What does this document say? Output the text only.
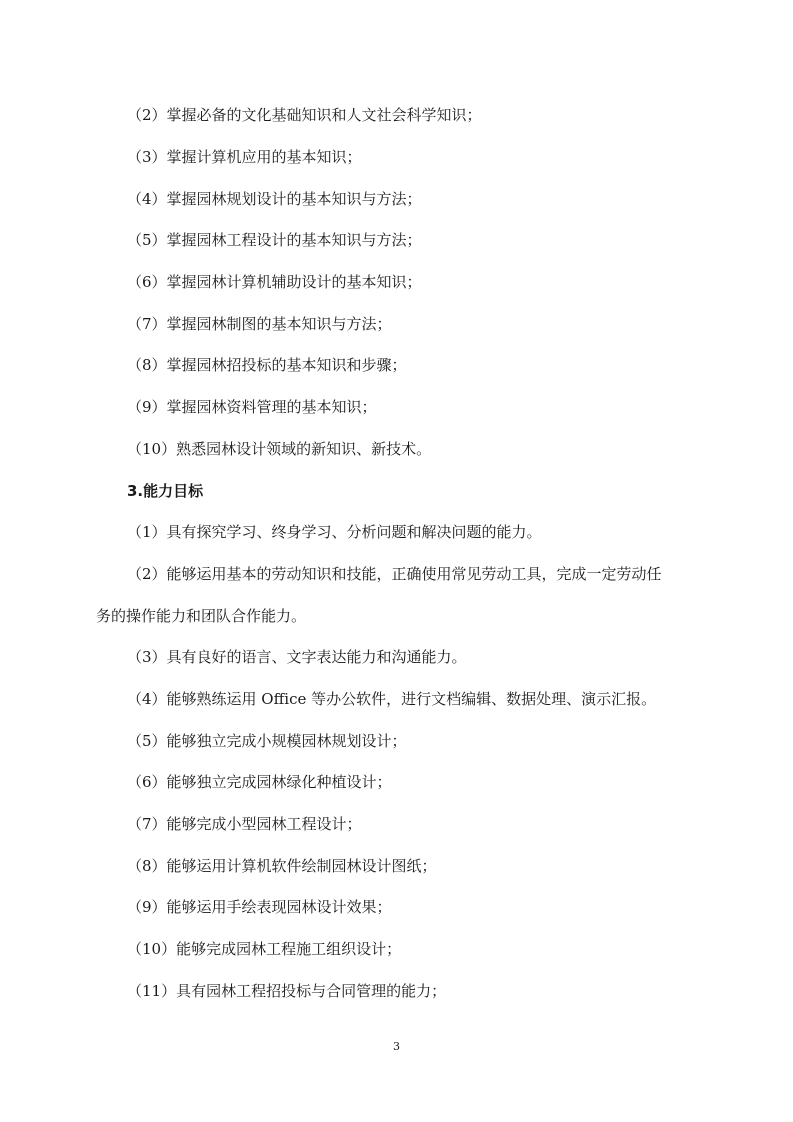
（2）掌握必备的文化基础知识和人文社会科学知识；
（3）掌握计算机应用的基本知识；
（4）掌握园林规划设计的基本知识与方法；
（5）掌握园林工程设计的基本知识与方法；
（6）掌握园林计算机辅助设计的基本知识；
（7）掌握园林制图的基本知识与方法；
（8）掌握园林招投标的基本知识和步骤；
（9）掌握园林资料管理的基本知识；
（10）熟悉园林设计领域的新知识、新技术。
3.能力目标
（1）具有探究学习、终身学习、分析问题和解决问题的能力。
（2）能够运用基本的劳动知识和技能，正确使用常见劳动工具，完成一定劳动任
务的操作能力和团队合作能力。
（3）具有良好的语言、文字表达能力和沟通能力。
（4）能够熟练运用 Office 等办公软件，进行文档编辑、数据处理、演示汇报。
（5）能够独立完成小规模园林规划设计；
（6）能够独立完成园林绿化种植设计；
（7）能够完成小型园林工程设计；
（8）能够运用计算机软件绘制园林设计图纸；
（9）能够运用手绘表现园林设计效果；
（10）能够完成园林工程施工组织设计；
（11）具有园林工程招投标与合同管理的能力；
3
